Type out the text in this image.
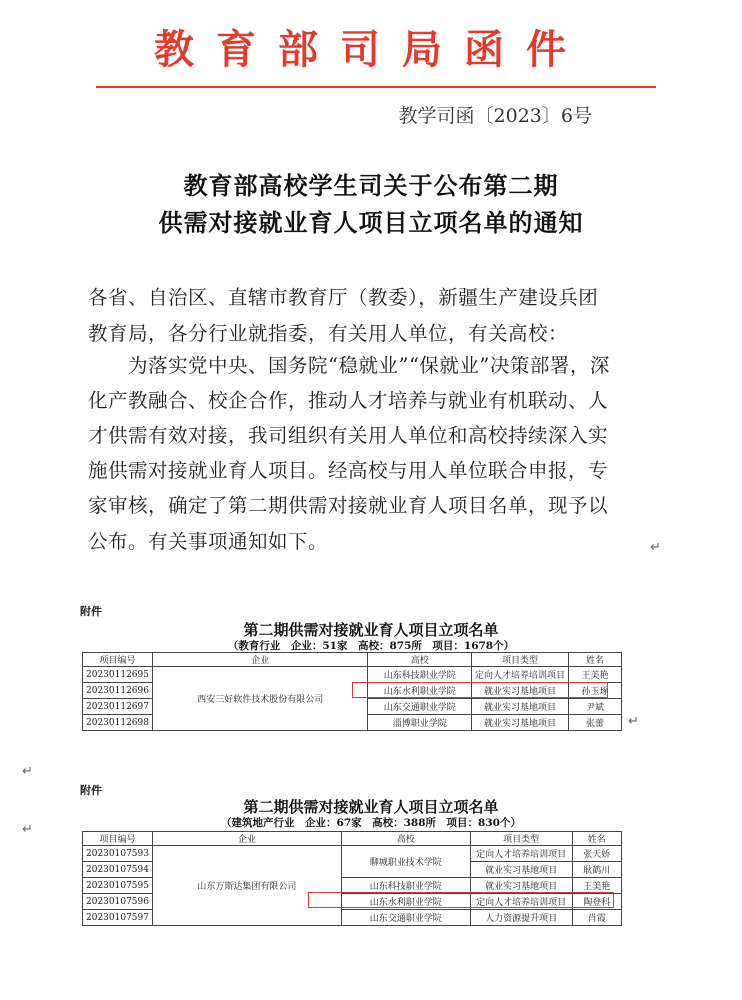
教育部司局函件
教学司函〔2023〕6号
教育部高校学生司关于公布第二期
供需对接就业育人项目立项名单的通知
各省、自治区、直辖市教育厅（教委），新疆生产建设兵团
教育局，各分行业就指委，有关用人单位，有关高校：
　　为落实党中央、国务院“稳就业”“保就业”决策部署，深
化产教融合、校企合作，推动人才培养与就业有机联动、人
才供需有效对接，我司组织有关用人单位和高校持续深入实
施供需对接就业育人项目。经高校与用人单位联合申报，专
家审核，确定了第二期供需对接就业育人项目名单，现予以
公布。有关事项通知如下。	↵
附件
第二期供需对接就业育人项目立项名单
（教育行业　企业：51家　高校：875所　项目：1678个）
项目编号	企业	高校	项目类型	姓名
20230112695	西安三好软件技术股份有限公司	山东科技职业学院	定向人才培养培训项目	王美艳
20230112696		山东水利职业学院	就业实习基地项目	孙玉琢
20230112697		山东交通职业学院	就业实习基地项目	尹斌
20230112698		淄博职业学院	就业实习基地项目	张蕾 ↵
↵
附件
第二期供需对接就业育人项目立项名单
（建筑地产行业　企业：67家　高校：388所　项目：830个）
↵
项目编号	企业	高校	项目类型	姓名
20230107593	山东万斯达集团有限公司	聊城职业技术学院	定向人才培养培训项目	张天娇
20230107594			就业实习基地项目	耿鹤川
20230107595		山东科技职业学院	就业实习基地项目	王美艳
20230107596		山东水利职业学院	定向人才培养培训项目	陶登科
20230107597		山东交通职业学院	人力资源提升项目	肖霞
